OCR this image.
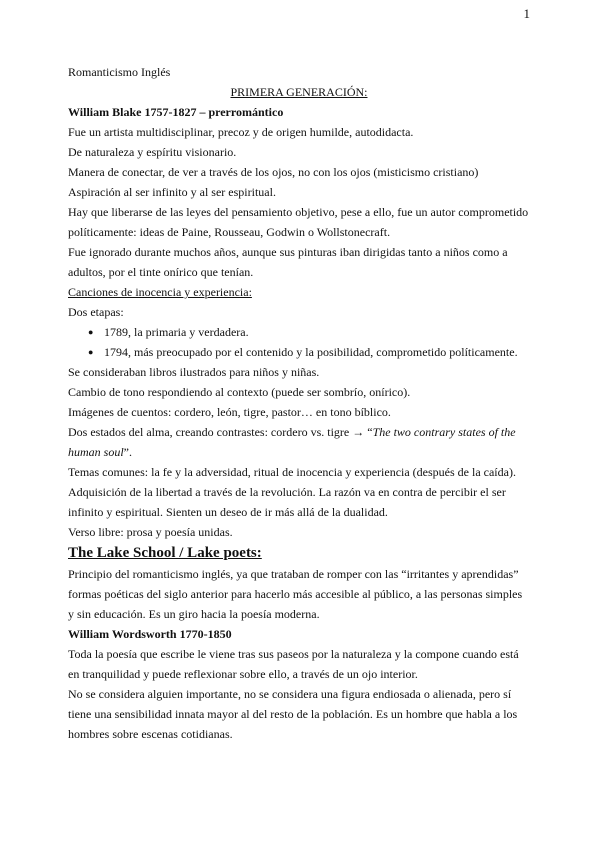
1

Romanticismo Inglés

PRIMERA GENERACIÓN:

William Blake 1757-1827 – prerromántico

Fue un artista multidisciplinar, precoz y de origen humilde, autodidacta.

De naturaleza y espíritu visionario.

Manera de conectar, de ver a través de los ojos, no con los ojos (misticismo cristiano) Aspiración al ser infinito y al ser espiritual.

Hay que liberarse de las leyes del pensamiento objetivo, pese a ello, fue un autor comprometido políticamente: ideas de Paine, Rousseau, Godwin o Wollstonecraft.

Fue ignorado durante muchos años, aunque sus pinturas iban dirigidas tanto a niños como a adultos, por el tinte onírico que tenían.

Canciones de inocencia y experiencia:

Dos etapas:

● 1789, la primaria y verdadera.
● 1794, más preocupado por el contenido y la posibilidad, comprometido políticamente.

Se consideraban libros ilustrados para niños y niñas.

Cambio de tono respondiendo al contexto (puede ser sombrío, onírico).

Imágenes de cuentos: cordero, león, tigre, pastor… en tono bíblico.

Dos estados del alma, creando contrastes: cordero vs. tigre → “The two contrary states of the human soul”.

Temas comunes: la fe y la adversidad, ritual de inocencia y experiencia (después de la caída). Adquisición de la libertad a través de la revolución. La razón va en contra de percibir el ser infinito y espiritual. Sienten un deseo de ir más allá de la dualidad.

Verso libre: prosa y poesía unidas.

The Lake School / Lake poets:

Principio del romanticismo inglés, ya que trataban de romper con las “irritantes y aprendidas” formas poéticas del siglo anterior para hacerlo más accesible al público, a las personas simples y sin educación. Es un giro hacia la poesía moderna.

William Wordsworth 1770-1850

Toda la poesía que escribe le viene tras sus paseos por la naturaleza y la compone cuando está en tranquilidad y puede reflexionar sobre ello, a través de un ojo interior.

No se considera alguien importante, no se considera una figura endiosada o alienada, pero sí tiene una sensibilidad innata mayor al del resto de la población. Es un hombre que habla a los hombres sobre escenas cotidianas.
